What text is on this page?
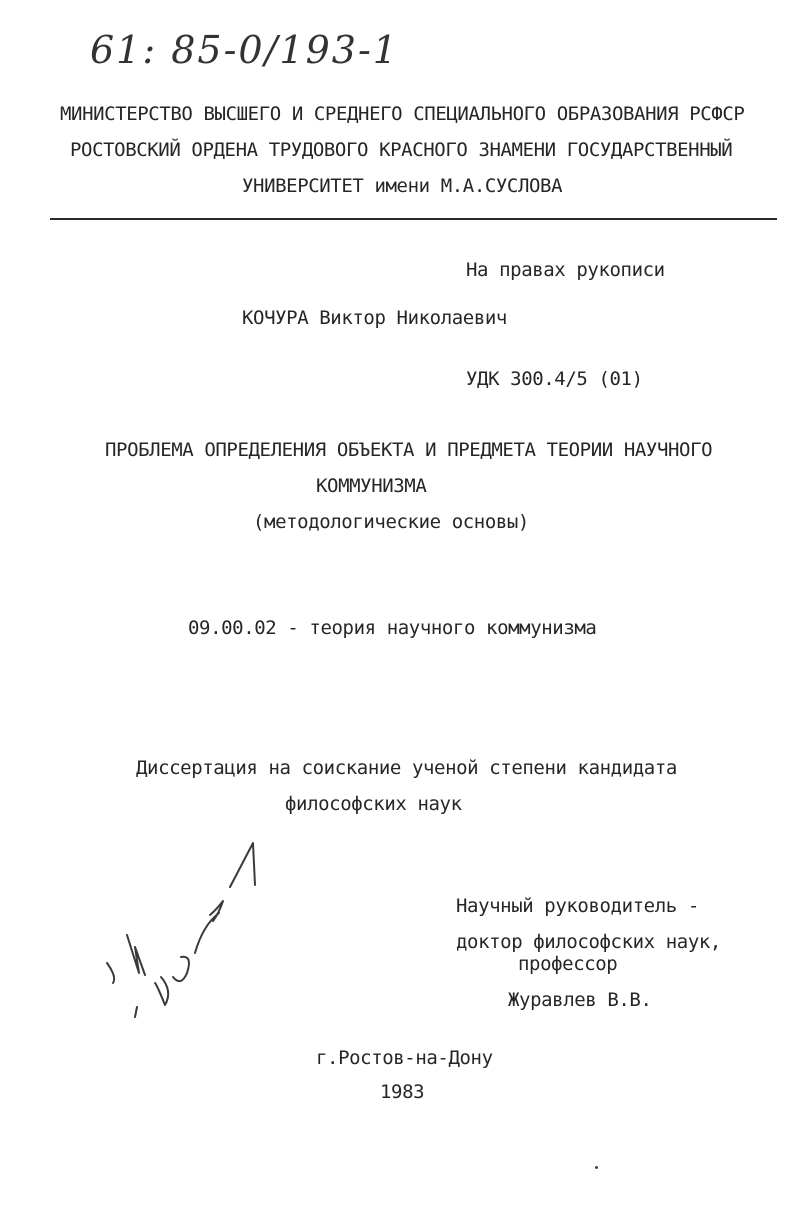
61: 85-0/193-1
МИНИСТЕРСТВО ВЫСШЕГО И СРЕДНЕГО СПЕЦИАЛЬНОГО ОБРАЗОВАНИЯ РСФСР
РОСТОВСКИЙ ОРДЕНА ТРУДОВОГО КРАСНОГО ЗНАМЕНИ ГОСУДАРСТВЕННЫЙ
УНИВЕРСИТЕТ имени М.А.СУСЛОВА
На правах рукописи
КОЧУРА Виктор Николаевич
УДК 300.4/5 (01)
ПРОБЛЕМА ОПРЕДЕЛЕНИЯ ОБЪЕКТА И ПРЕДМЕТА ТЕОРИИ НАУЧНОГО
КОММУНИЗМА
(методологические основы)
09.00.02 - теория научного коммунизма
Диссертация на соискание ученой степени кандидата
философских наук
Научный руководитель -
доктор философских наук,
профессор
Журавлев В.В.
г.Ростов-на-Дону
1983
